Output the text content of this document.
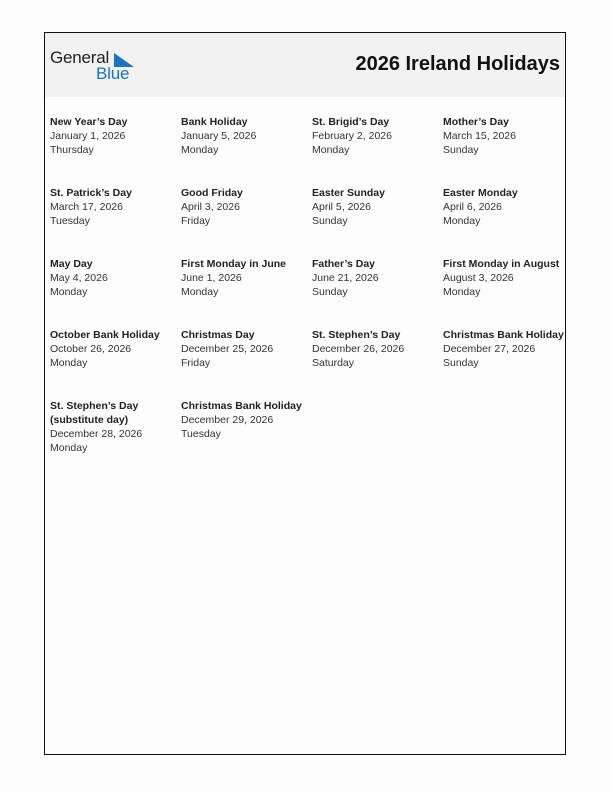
General
Blue	2026 Ireland Holidays
New Year’s Day
January 1, 2026
Thursday
Bank Holiday
January 5, 2026
Monday
St. Brigid’s Day
February 2, 2026
Monday
Mother’s Day
March 15, 2026
Sunday
St. Patrick’s Day
March 17, 2026
Tuesday
Good Friday
April 3, 2026
Friday
Easter Sunday
April 5, 2026
Sunday
Easter Monday
April 6, 2026
Monday
May Day
May 4, 2026
Monday
First Monday in June
June 1, 2026
Monday
Father’s Day
June 21, 2026
Sunday
First Monday in August
August 3, 2026
Monday
October Bank Holiday
October 26, 2026
Monday
Christmas Day
December 25, 2026
Friday
St. Stephen’s Day
December 26, 2026
Saturday
Christmas Bank Holiday
December 27, 2026
Sunday
St. Stephen’s Day (substitute day)
December 28, 2026
Monday
Christmas Bank Holiday
December 29, 2026
Tuesday
